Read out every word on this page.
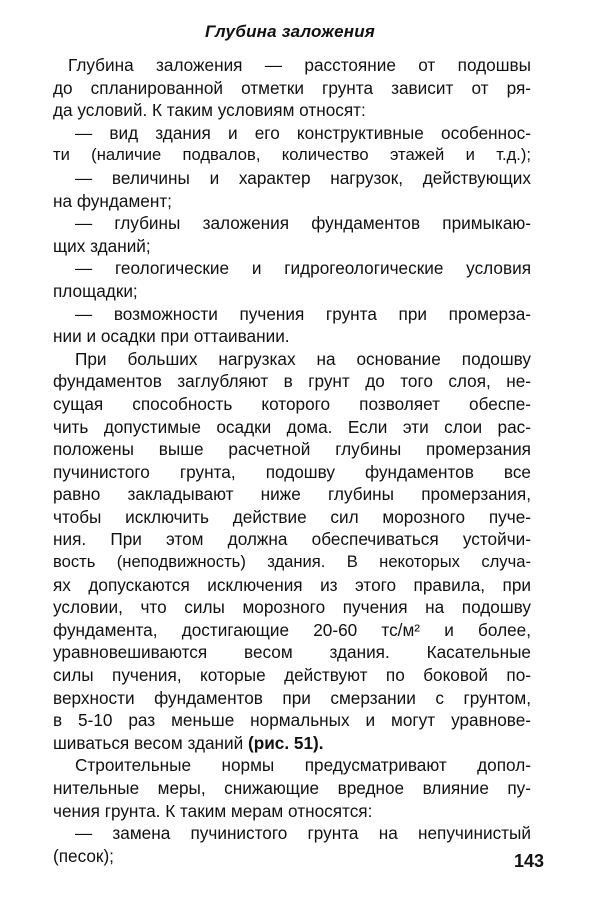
Глубина заложения
Глубина заложения — расстояние от подошвы
до спланированной отметки грунта зависит от ря-
да условий. К таким условиям относят:
— вид здания и его конструктивные особеннос-
ти (наличие подвалов, количество этажей и т.д.);
— величины и характер нагрузок, действующих
на фундамент;
— глубины заложения фундаментов примыкаю-
щих зданий;
— геологические и гидрогеологические условия
площадки;
— возможности пучения грунта при промерза-
нии и осадки при оттаивании.
При больших нагрузках на основание подошву
фундаментов заглубляют в грунт до того слоя, не-
сущая способность которого позволяет обеспе-
чить допустимые осадки дома. Если эти слои рас-
положены выше расчетной глубины промерзания
пучинистого грунта, подошву фундаментов все
равно закладывают ниже глубины промерзания,
чтобы исключить действие сил морозного пуче-
ния. При этом должна обеспечиваться устойчи-
вость (неподвижность) здания. В некоторых случа-
ях допускаются исключения из этого правила, при
условии, что силы морозного пучения на подошву
фундамента, достигающие 20-60 тс/м² и более,
уравновешиваются весом здания. Касательные
силы пучения, которые действуют по боковой по-
верхности фундаментов при смерзании с грунтом,
в 5-10 раз меньше нормальных и могут уравнове-
шиваться весом зданий (рис. 51).
Строительные нормы предусматривают допол-
нительные меры, снижающие вредное влияние пу-
чения грунта. К таким мерам относятся:
— замена пучинистого грунта на непучинистый
(песок);	143
